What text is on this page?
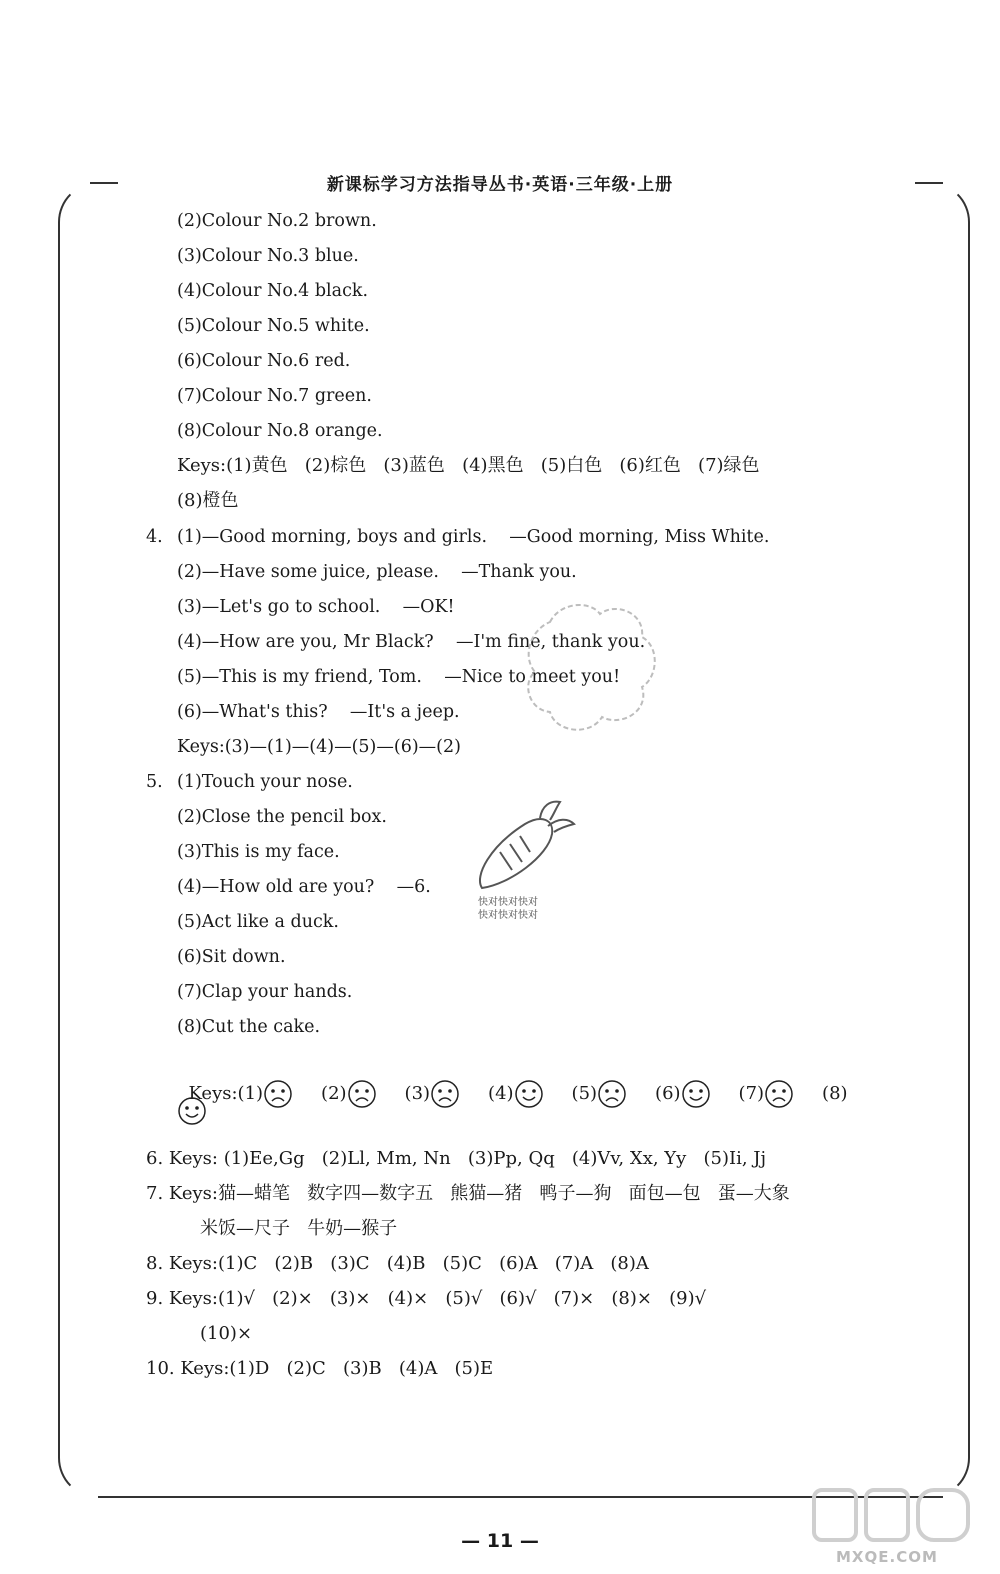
新课标学习方法指导丛书·英语·三年级·上册
(2)Colour No.2 brown.
(3)Colour No.3 blue.
(4)Colour No.4 black.
(5)Colour No.5 white.
(6)Colour No.6 red.
(7)Colour No.7 green.
(8)Colour No.8 orange.
Keys:(1)黄色   (2)棕色   (3)蓝色   (4)黑色   (5)白色   (6)红色   (7)绿色
(8)橙色
4. (1)—Good morning, boys and girls.    —Good morning, Miss White.
(2)—Have some juice, please.    —Thank you.
(3)—Let's go to school.    —OK!
(4)—How are you, Mr Black?    —I'm fine, thank you.
(5)—This is my friend, Tom.    —Nice to meet you!
(6)—What's this?    —It's a jeep.
Keys:(3)—(1)—(4)—(5)—(6)—(2)
5. (1)Touch your nose.
(2)Close the pencil box.
(3)This is my face.
(4)—How old are you?    —6.
(5)Act like a duck.
(6)Sit down.
(7)Clap your hands.
(8)Cut the cake.
快对快对快对
快对快对快对

Keys:(1)	(2)	(3)	(4)	(5)	(6)	(7)	(8)

6. Keys: (1)Ee,Gg   (2)Ll, Mm, Nn   (3)Pp, Qq   (4)Vv, Xx, Yy   (5)Ii, Jj
7. Keys:猫—蜡笔   数字四—数字五   熊猫—猪   鸭子—狗   面包—包   蛋—大象
米饭—尺子   牛奶—猴子
8. Keys:(1)C   (2)B   (3)C   (4)B   (5)C   (6)A   (7)A   (8)A
9. Keys:(1)√   (2)×   (3)×   (4)×   (5)√   (6)√   (7)×   (8)×   (9)√
(10)×
10. Keys:(1)D   (2)C   (3)B   (4)A   (5)E
MXQE.COM
— 11 —
